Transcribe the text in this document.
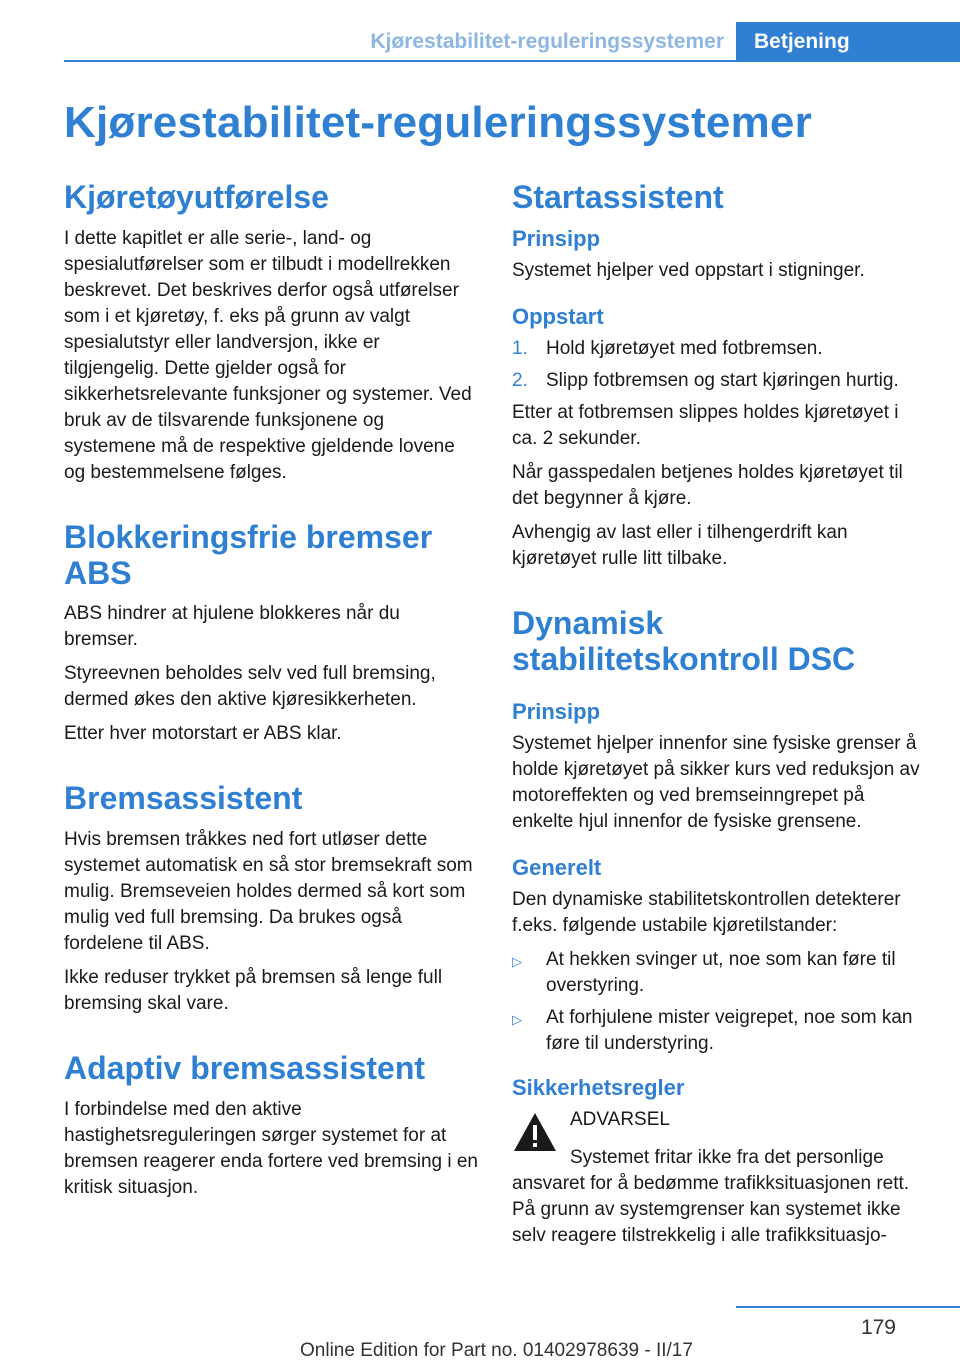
Kjørestabilitet-reguleringssystemer	Betjening
Kjørestabilitet-reguleringssystemer
Kjøretøyutførelse

I dette kapitlet er alle serie-, land- og spesialutførelser som er tilbudt i modellrekken beskrevet. Det beskrives derfor også utførelser som i et kjøretøy, f. eks på grunn av valgt spesialutstyr eller landversjon, ikke er tilgjengelig. Dette gjelder også for sikkerhetsrelevante funksjoner og systemer. Ved bruk av de tilsvarende funksjonene og systemene må de respektive gjeldende lovene og bestemmelsene følges.

Blokkeringsfrie bremser ABS

ABS hindrer at hjulene blokkeres når du bremser.

Styreevnen beholdes selv ved full bremsing, dermed økes den aktive kjøresikkerheten.

Etter hver motorstart er ABS klar.

Bremsassistent

Hvis bremsen tråkkes ned fort utløser dette systemet automatisk en så stor bremsekraft som mulig. Bremseveien holdes dermed så kort som mulig ved full bremsing. Da brukes også fordelene til ABS.

Ikke reduser trykket på bremsen så lenge full bremsing skal vare.

Adaptiv bremsassistent

I forbindelse med den aktive hastighetsreguleringen sørger systemet for at bremsen reagerer enda fortere ved bremsing i en kritisk situasjon.

Startassistent
Prinsipp

Systemet hjelper ved oppstart i stigninger.

Oppstart
1. Hold kjøretøyet med fotbremsen.
2. Slipp fotbremsen og start kjøringen hurtig.

Etter at fotbremsen slippes holdes kjøretøyet i ca. 2 sekunder.

Når gasspedalen betjenes holdes kjøretøyet til det begynner å kjøre.

Avhengig av last eller i tilhengerdrift kan kjøretøyet rulle litt tilbake.

Dynamisk stabilitetskontroll DSC
Prinsipp

Systemet hjelper innenfor sine fysiske grenser å holde kjøretøyet på sikker kurs ved reduksjon av motoreffekten og ved bremseinngrepet på enkelte hjul innenfor de fysiske grensene.

Generelt

Den dynamiske stabilitetskontrollen detekterer f.eks. følgende ustabile kjøretilstander:

▷	At hekken svinger ut, noe som kan føre til overstyring.
▷	At forhjulene mister veigrepet, noe som kan føre til understyring.
Sikkerhetsregler

ADVARSEL

Systemet fritar ikke fra det personlige ansvaret for å bedømme trafikksituasjonen rett. På grunn av systemgrenser kan systemet ikke selv reagere tilstrekkelig i alle trafikksituasjo-

179
Online Edition for Part no. 01402978639 - II/17
